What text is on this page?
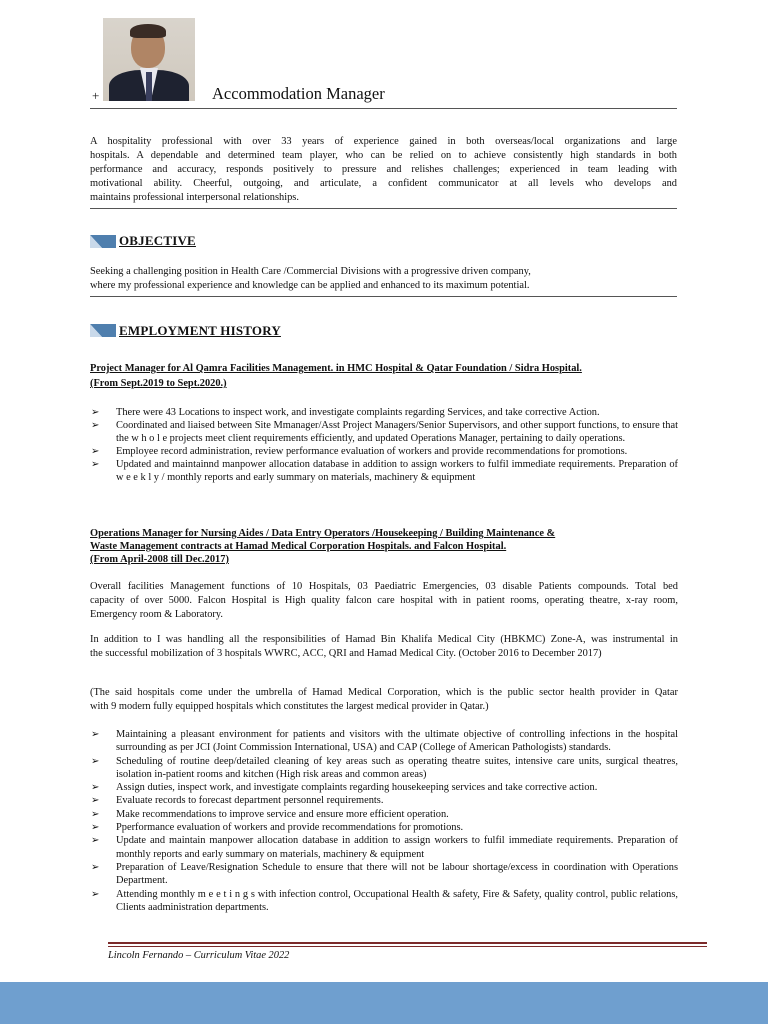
+	Accommodation Manager
A hospitality professional with over 33 years of experience gained in both overseas/local organizations and large
hospitals. A dependable and determined team player, who can be relied on to achieve consistently high standards in both
performance and accuracy, responds positively to pressure and relishes challenges; experienced in team leading with
motivational ability. Cheerful, outgoing, and articulate, a confident communicator at all levels who develops and
maintains professional interpersonal relationships.
OBJECTIVE
Seeking a challenging position in Health Care /Commercial Divisions with a progressive driven company,
where my professional experience and knowledge can be applied and enhanced to its maximum potential.
EMPLOYMENT HISTORY
Project Manager for Al Qamra Facilities Management. in HMC Hospital & Qatar Foundation / Sidra Hospital.
(From Sept.2019 to Sept.2020.)
➢ There were 43 Locations to inspect work, and investigate complaints regarding Services, and take corrective Action.
➢ Coordinated and liaised between Site Mmanager/Asst Project Managers/Senior Supervisors, and other support functions, to ensure that the w h o l e projects meet client requirements efficiently, and updated Operations Manager, pertaining to daily operations.
➢ Employee record administration, review performance evaluation of workers and provide recommendations for promotions.
➢ Updated and maintainnd manpower allocation database in addition to assign workers to fulfil immediate requirements. Preparation of w e e k l y / monthly reports and early summary on materials, machinery & equipment
Operations Manager for Nursing Aides / Data Entry Operators /Housekeeping / Building Maintenance &
Waste Management contracts at Hamad Medical Corporation Hospitals. and Falcon Hospital.
(From April-2008 till Dec.2017)
Overall facilities Management functions of 10 Hospitals, 03 Paediatric Emergencies, 03 disable Patients compounds. Total bed
capacity of over 5000. Falcon Hospital is High quality falcon care hospital with in patient rooms, operating theatre, x-ray room,
Emergency room & Laboratory.
In addition to I was handling all the responsibilities of Hamad Bin Khalifa Medical City (HBKMC) Zone-A, was instrumental in
the successful mobilization of 3 hospitals WWRC, ACC, QRI and Hamad Medical City. (October 2016 to December 2017)
(The said hospitals come under the umbrella of Hamad Medical Corporation, which is the public sector health provider in Qatar
with 9 modern fully equipped hospitals which constitutes the largest medical provider in Qatar.)
➢ Maintaining a pleasant environment for patients and visitors with the ultimate objective of controlling infections in the hospital surrounding as per JCI (Joint Commission International, USA) and CAP (College of American Pathologists) standards.
➢ Scheduling of routine deep/detailed cleaning of key areas such as operating theatre suites, intensive care units, surgical theatres, isolation in-patient rooms and kitchen (High risk areas and common areas)
➢ Assign duties, inspect work, and investigate complaints regarding housekeeping services and take corrective action.
➢ Evaluate records to forecast department personnel requirements.
➢ Make recommendations to improve service and ensure more efficient operation.
➢ Pperformance evaluation of workers and provide recommendations for promotions.
➢ Update and maintain manpower allocation database in addition to assign workers to fulfil immediate requirements. Preparation of monthly reports and early summary on materials, machinery & equipment
➢ Preparation of Leave/Resignation Schedule to ensure that there will not be labour shortage/excess in coordination with Operations Department.
➢ Attending monthly m e e t i n g s with infection control, Occupational Health & safety, Fire & Safety, quality control, public relations, Clients aadministration departments.
Lincoln Fernando – Curriculum Vitae 2022
